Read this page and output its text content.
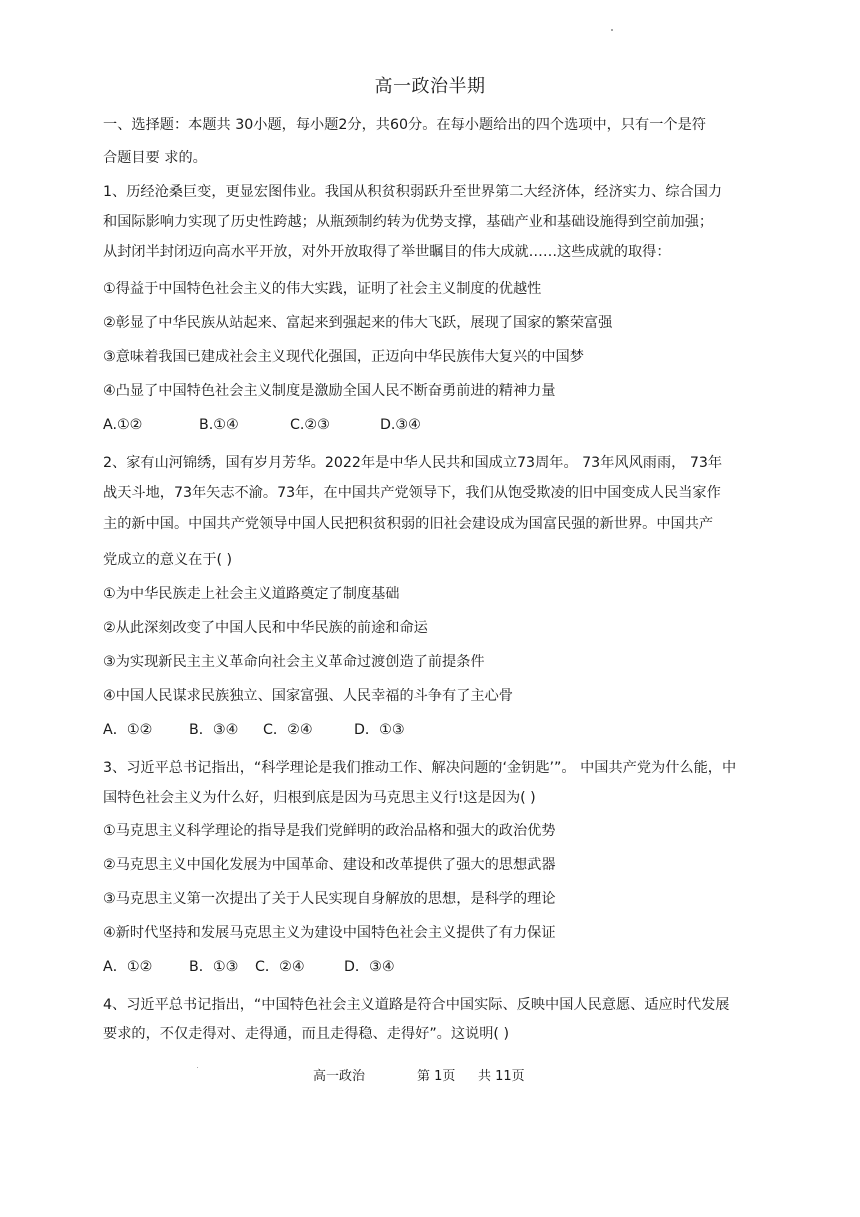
高一政治半期

一、选择题：本题共 30小题，每小题2分，共60分。在每小题给出的四个选项中，只有一个是符

合题目要 求的。

1、历经沧桑巨变，更显宏图伟业。我国从积贫积弱跃升至世界第二大经济体，经济实力、综合国力

和国际影响力实现了历史性跨越；从瓶颈制约转为优势支撑，基础产业和基础设施得到空前加强；

从封闭半封闭迈向高水平开放，对外开放取得了举世瞩目的伟大成就……这些成就的取得：

①得益于中国特色社会主义的伟大实践，证明了社会主义制度的优越性

②彰显了中华民族从站起来、富起来到强起来的伟大飞跃，展现了国家的繁荣富强

③意味着我国已建成社会主义现代化强国，正迈向中华民族伟大复兴的中国梦

④凸显了中国特色社会主义制度是激励全国人民不断奋勇前进的精神力量

A.①②	B.①④	C.②③	D.③④

2、家有山河锦绣，国有岁月芳华。2022年是中华人民共和国成立73周年。 73年风风雨雨， 73年

战天斗地，73年矢志不渝。73年，在中国共产党领导下，我们从饱受欺凌的旧中国变成人民当家作

主的新中国。中国共产党领导中国人民把积贫积弱的旧社会建设成为国富民强的新世界。中国共产

党成立的意义在于( )

①为中华民族走上社会主义道路奠定了制度基础

②从此深刻改变了中国人民和中华民族的前途和命运

③为实现新民主主义革命向社会主义革命过渡创造了前提条件

④中国人民谋求民族独立、国家富强、人民幸福的斗争有了主心骨

A．①②	B．③④ C．②④	D．①③

3、习近平总书记指出，“科学理论是我们推动工作、解决问题的‘金钥匙’”。 中国共产党为什么能，中

国特色社会主义为什么好，归根到底是因为马克思主义行!这是因为( )

①马克思主义科学理论的指导是我们党鲜明的政治品格和强大的政治优势

②马克思主义中国化发展为中国革命、建设和改革提供了强大的思想武器

③马克思主义第一次提出了关于人民实现自身解放的思想，是科学的理论

④新时代坚持和发展马克思主义为建设中国特色社会主义提供了有力保证

A．①②	B．①③ C．②④	D．③④

4、习近平总书记指出，“中国特色社会主义道路是符合中国实际、反映中国人民意愿、适应时代发展

要求的，不仅走得对、走得通，而且走得稳、走得好”。这说明( )

高一政治	第 1页 共 11页
